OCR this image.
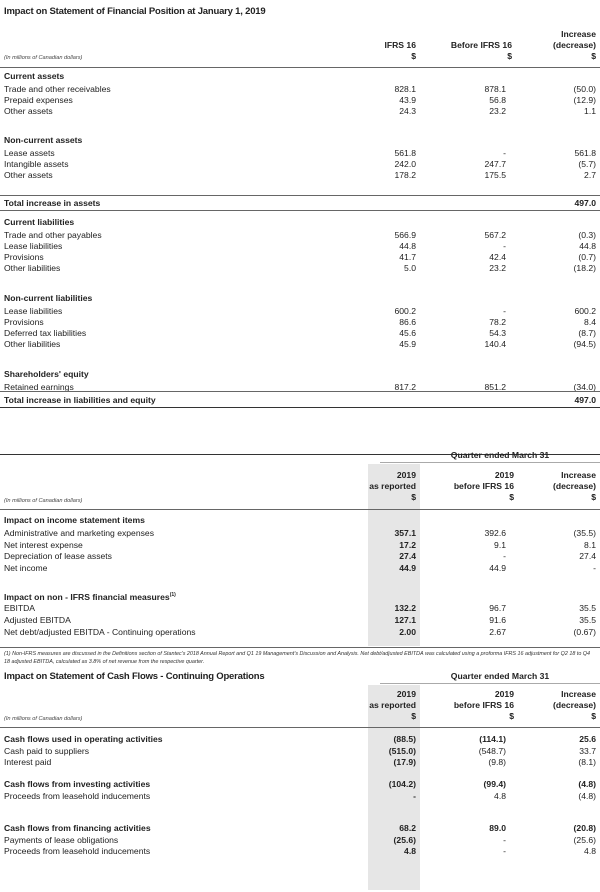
Impact on Statement of Financial Position at January 1, 2019
IFRS 16
$
Before IFRS 16
$
Increase
(decrease)
$
(In millions of Canadian dollars)
Current assets
Trade and other receivables	828.1	878.1	(50.0)
Prepaid expenses	43.9	56.8	(12.9)
Other assets	24.3	23.2	1.1
Non-current assets
Lease assets	561.8	-	561.8
Intangible assets	242.0	247.7	(5.7)
Other assets	178.2	175.5	2.7
Total increase in assets	497.0
Current liabilities
Trade and other payables	566.9	567.2	(0.3)
Lease liabilities	44.8	-	44.8
Provisions	41.7	42.4	(0.7)
Other liabilities	5.0	23.2	(18.2)
Non-current liabilities
Lease liabilities	600.2	-	600.2
Provisions	86.6	78.2	8.4
Deferred tax liabilities	45.6	54.3	(8.7)
Other liabilities	45.9	140.4	(94.5)
Shareholders' equity
Retained earnings	817.2	851.2	(34.0)
Total increase in liabilities and equity	497.0
Quarter ended March 31
2019
as reported
$
2019
before IFRS 16
$
Increase
(decrease)
$
(In millions of Canadian dollars)
Impact on income statement items
Administrative and marketing expenses	357.1	392.6	(35.5)
Net interest expense	17.2	9.1	8.1
Depreciation of lease assets	27.4	-	27.4
Net income	44.9	44.9	-
Impact on non - IFRS financial measures$^{(1)}$
EBITDA	132.2	96.7	35.5
Adjusted EBITDA	127.1	91.6	35.5
Net debt/adjusted EBITDA - Continuing operations	2.00	2.67	(0.67)
(1) Non-IFRS measures are discussed in the Definitions section of Stantec's 2018 Annual Report and Q1 19 Management's Discussion and Analysis. Net debt/adjusted EBITDA was calculated using a proforma IFRS 16 adjustment for Q2 18 to Q4 18 adjusted EBITDA, calculated as 3.8% of net revenue from the respective quarter.
Impact on Statement of Cash Flows - Continuing Operations	Quarter ended March 31
2019
as reported
$
2019
before IFRS 16
$
Increase
(decrease)
$
(In millions of Canadian dollars)
Cash flows used in operating activities	(88.5)	(114.1)	25.6
Cash paid to suppliers	(515.0)	(548.7)	33.7
Interest paid	(17.9)	(9.8)	(8.1)
Cash flows from investing activities	(104.2)	(99.4)	(4.8)
Proceeds from leasehold inducements	-	4.8	(4.8)
Cash flows from financing activities	68.2	89.0	(20.8)
Payments of lease obligations	(25.6)	-	(25.6)
Proceeds from leasehold inducements	4.8	-	4.8
